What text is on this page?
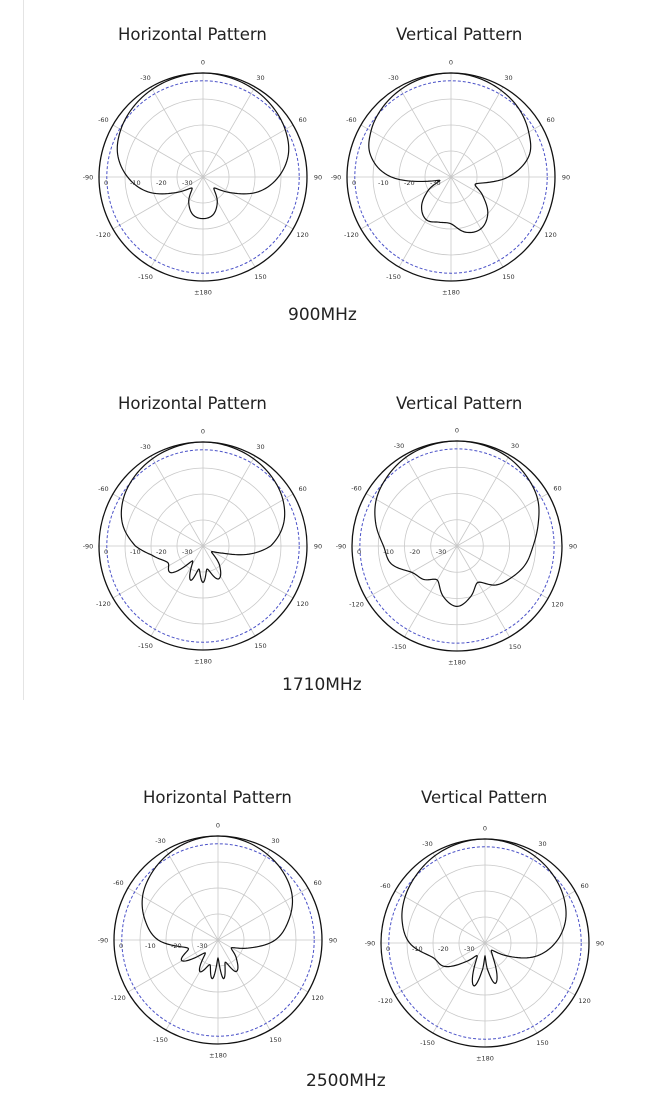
Horizontal Pattern	Vertical Pattern
0
30
60
90
120
150
±180
-150
-120
-90
-60
-30
0	-10 -20 -30
0
30
60
90
120
150
±180
-150
-120
-90
-60
-30
0	-10 -20 -30
900MHz
Horizontal Pattern	Vertical Pattern
0
30
60
90
120
150
±180
-150
-120
-90
-60
-30
0	-10 -20 -30
0
30
60
90
120
150
±180
-150
-120
-90
-60
-30
0	-10 -20 -30
1710MHz
Horizontal Pattern	Vertical Pattern
0
30
60
90
120
150
±180
-150
-120
-90
-60
-30
0	-10 -20 -30
0
30
60
90
120
150
±180
-150
-120
-90
-60
-30
0	-10 -20 -30
2500MHz
